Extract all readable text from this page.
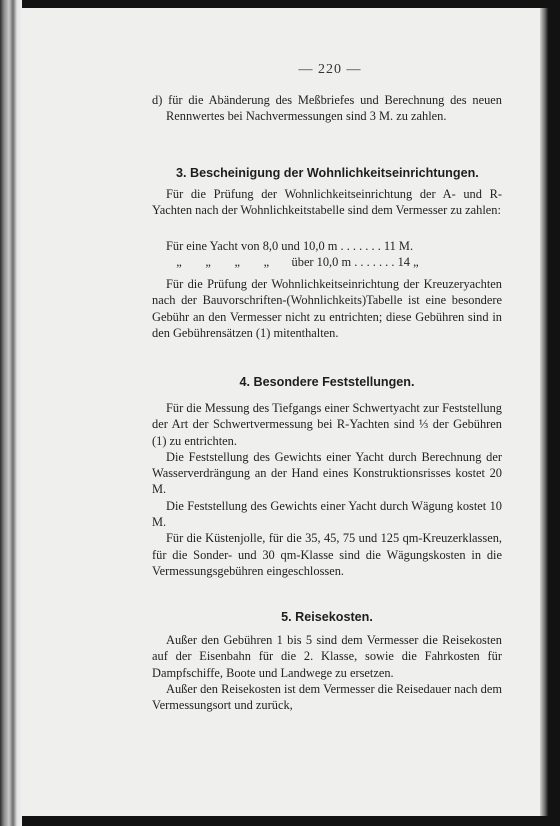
— 220 —

d) für die Abänderung des Meßbriefes und Berechnung des neuen Rennwertes bei Nachvermessungen sind 3 M. zu zahlen.

3. Bescheinigung der Wohnlichkeitseinrichtungen.

Für die Prüfung der Wohnlichkeitseinrichtung der A- und R-Yachten nach der Wohnlichkeitstabelle sind dem Vermesser zu zahlen:

Für eine Yacht von 8,0 und 10,0 m . . . . . . . 11 M.

„ „ „ „ über 10,0 m . . . . . . . 14 „

Für die Prüfung der Wohnlichkeitseinrichtung der Kreuzeryachten nach der Bauvorschriften-(Wohnlichkeits)Tabelle ist eine besondere Gebühr an den Vermesser nicht zu entrichten; diese Gebühren sind in den Gebührensätzen (1) mitenthalten.

4. Besondere Feststellungen.

Für die Messung des Tiefgangs einer Schwertyacht zur Feststellung der Art der Schwertvermessung bei R-Yachten sind ⅓ der Gebühren (1) zu entrichten.

Die Feststellung des Gewichts einer Yacht durch Berechnung der Wasserverdrängung an der Hand eines Konstruktionsrisses kostet 20 M.

Die Feststellung des Gewichts einer Yacht durch Wägung kostet 10 M.

Für die Küstenjolle, für die 35, 45, 75 und 125 qm-Kreuzerklassen, für die Sonder- und 30 qm-Klasse sind die Wägungskosten in die Vermessungsgebühren eingeschlossen.

5. Reisekosten.

Außer den Gebühren 1 bis 5 sind dem Vermesser die Reisekosten auf der Eisenbahn für die 2. Klasse, sowie die Fahrkosten für Dampfschiffe, Boote und Landwege zu ersetzen.

Außer den Reisekosten ist dem Vermesser die Reisedauer nach dem Vermessungsort und zurück,
